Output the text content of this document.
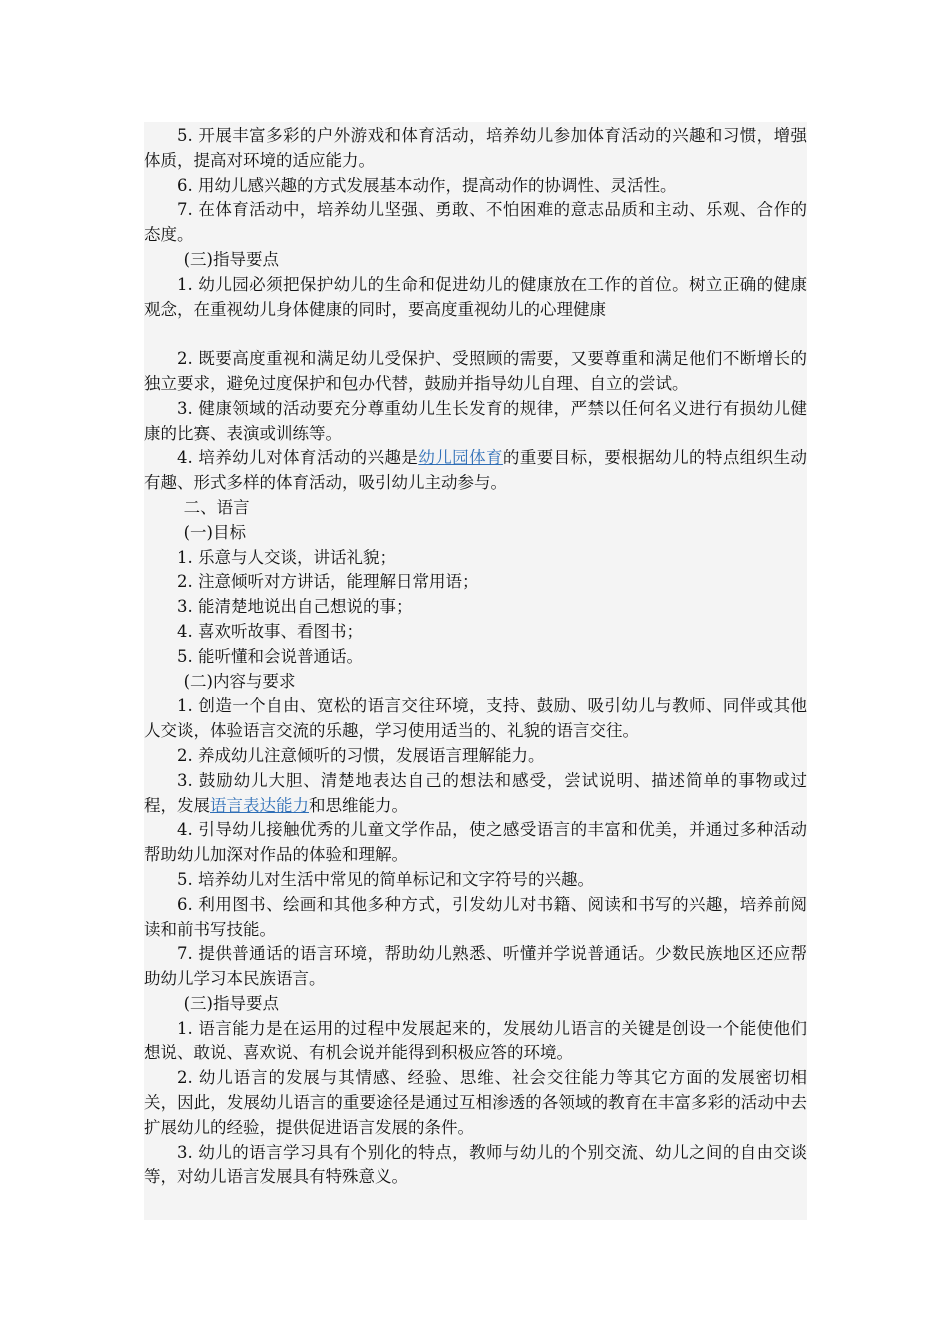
5. 开展丰富多彩的户外游戏和体育活动，培养幼儿参加体育活动的兴趣和习惯，增强体质，提高对环境的适应能力。

6. 用幼儿感兴趣的方式发展基本动作，提高动作的协调性、灵活性。

7. 在体育活动中，培养幼儿坚强、勇敢、不怕困难的意志品质和主动、乐观、合作的态度。

(三)指导要点

1. 幼儿园必须把保护幼儿的生命和促进幼儿的健康放在工作的首位。树立正确的健康观念，在重视幼儿身体健康的同时，要高度重视幼儿的心理健康

2. 既要高度重视和满足幼儿受保护、受照顾的需要，又要尊重和满足他们不断增长的独立要求，避免过度保护和包办代替，鼓励并指导幼儿自理、自立的尝试。

3. 健康领域的活动要充分尊重幼儿生长发育的规律，严禁以任何名义进行有损幼儿健康的比赛、表演或训练等。

4. 培养幼儿对体育活动的兴趣是幼儿园体育的重要目标，要根据幼儿的特点组织生动有趣、形式多样的体育活动，吸引幼儿主动参与。

二、语言

(一)目标

1. 乐意与人交谈，讲话礼貌；

2. 注意倾听对方讲话，能理解日常用语；

3. 能清楚地说出自己想说的事；

4. 喜欢听故事、看图书；

5. 能听懂和会说普通话。

(二)内容与要求

1. 创造一个自由、宽松的语言交往环境，支持、鼓励、吸引幼儿与教师、同伴或其他人交谈，体验语言交流的乐趣，学习使用适当的、礼貌的语言交往。

2. 养成幼儿注意倾听的习惯，发展语言理解能力。

3. 鼓励幼儿大胆、清楚地表达自己的想法和感受，尝试说明、描述简单的事物或过程，发展语言表达能力和思维能力。

4. 引导幼儿接触优秀的儿童文学作品，使之感受语言的丰富和优美，并通过多种活动帮助幼儿加深对作品的体验和理解。

5. 培养幼儿对生活中常见的简单标记和文字符号的兴趣。

6. 利用图书、绘画和其他多种方式，引发幼儿对书籍、阅读和书写的兴趣，培养前阅读和前书写技能。

7. 提供普通话的语言环境，帮助幼儿熟悉、听懂并学说普通话。少数民族地区还应帮助幼儿学习本民族语言。

(三)指导要点

1. 语言能力是在运用的过程中发展起来的，发展幼儿语言的关键是创设一个能使他们想说、敢说、喜欢说、有机会说并能得到积极应答的环境。

2. 幼儿语言的发展与其情感、经验、思维、社会交往能力等其它方面的发展密切相关，因此，发展幼儿语言的重要途径是通过互相渗透的各领域的教育在丰富多彩的活动中去扩展幼儿的经验，提供促进语言发展的条件。

3. 幼儿的语言学习具有个别化的特点，教师与幼儿的个别交流、幼儿之间的自由交谈等，对幼儿语言发展具有特殊意义。
